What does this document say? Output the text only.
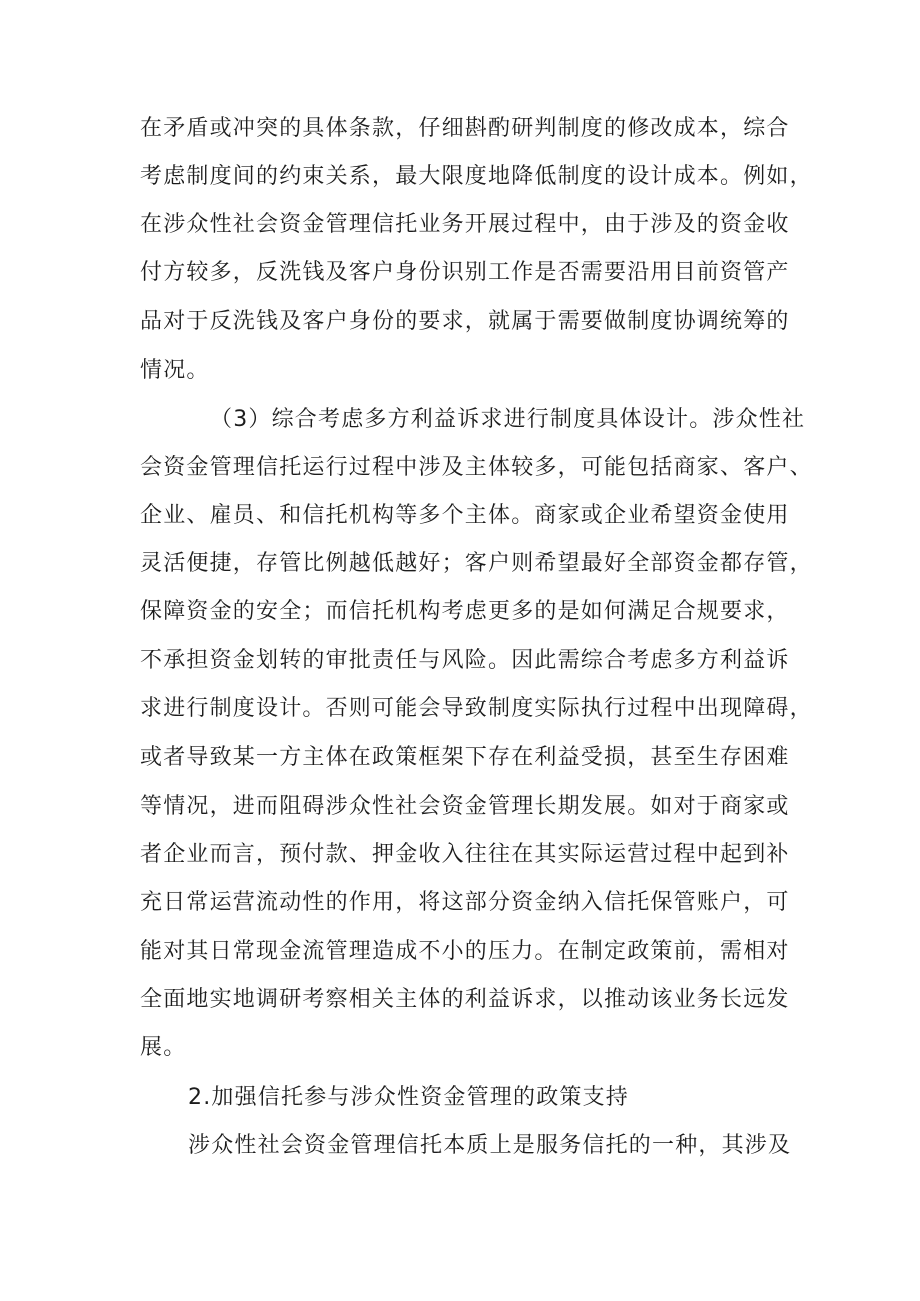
在矛盾或冲突的具体条款，仔细斟酌研判制度的修改成本，综合
考虑制度间的约束关系，最大限度地降低制度的设计成本。例如，
在涉众性社会资金管理信托业务开展过程中，由于涉及的资金收
付方较多，反洗钱及客户身份识别工作是否需要沿用目前资管产
品对于反洗钱及客户身份的要求，就属于需要做制度协调统筹的
情况。
（3）综合考虑多方利益诉求进行制度具体设计。涉众性社
会资金管理信托运行过程中涉及主体较多，可能包括商家、客户、
企业、雇员、和信托机构等多个主体。商家或企业希望资金使用
灵活便捷，存管比例越低越好；客户则希望最好全部资金都存管，
保障资金的安全；而信托机构考虑更多的是如何满足合规要求，
不承担资金划转的审批责任与风险。因此需综合考虑多方利益诉
求进行制度设计。否则可能会导致制度实际执行过程中出现障碍，
或者导致某一方主体在政策框架下存在利益受损，甚至生存困难
等情况，进而阻碍涉众性社会资金管理长期发展。如对于商家或
者企业而言，预付款、押金收入往往在其实际运营过程中起到补
充日常运营流动性的作用，将这部分资金纳入信托保管账户，可
能对其日常现金流管理造成不小的压力。在制定政策前，需相对
全面地实地调研考察相关主体的利益诉求，以推动该业务长远发
展。
2.加强信托参与涉众性资金管理的政策支持
涉众性社会资金管理信托本质上是服务信托的一种，其涉及
